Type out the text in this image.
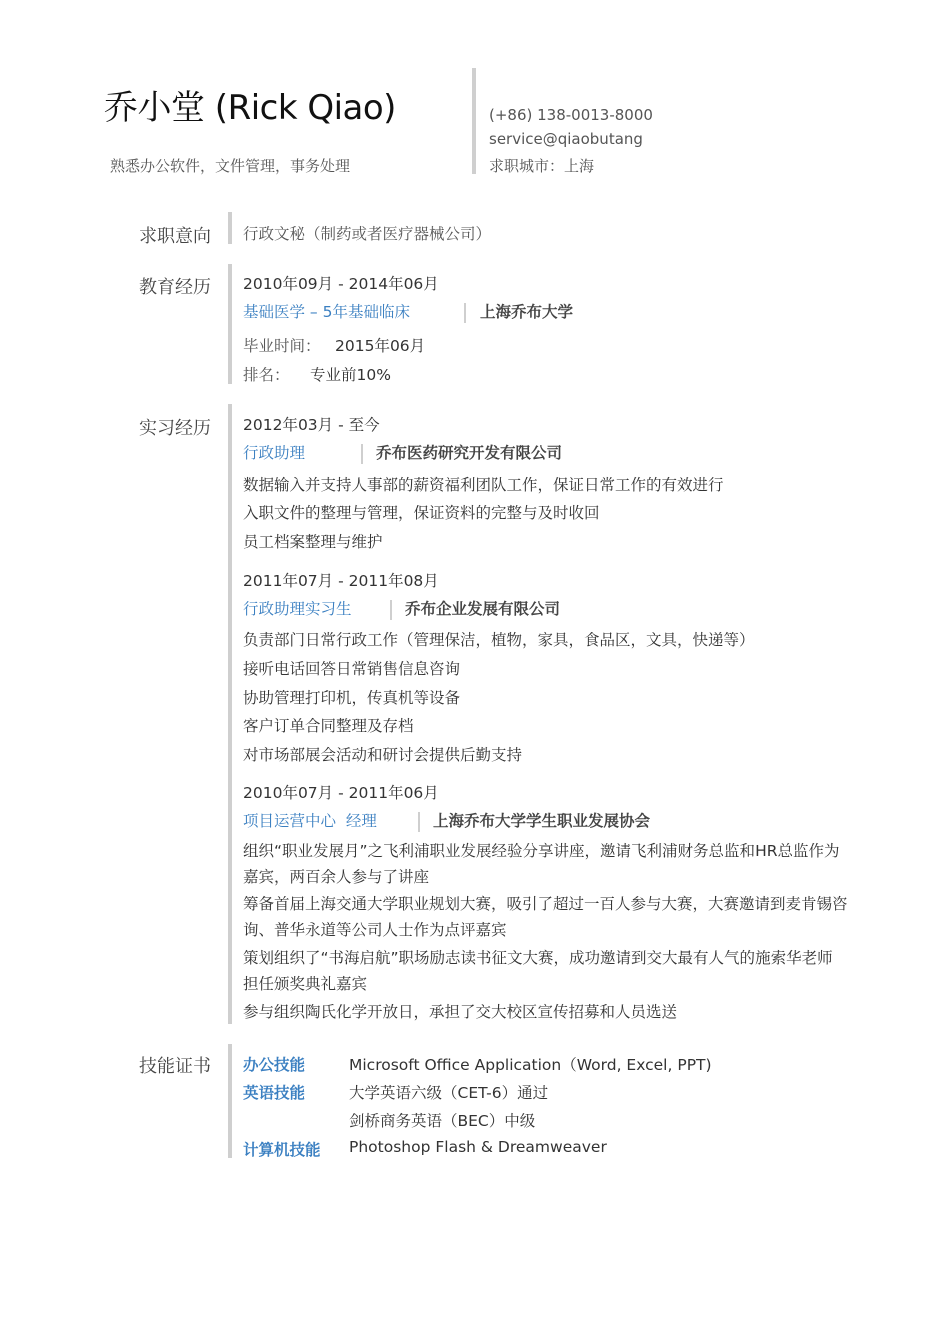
乔小堂 (Rick Qiao)
熟悉办公软件，文件管理，事务处理
(+86) 138-0013-8000
service@qiaobutang
求职城市：上海
求职意向 行政文秘（制药或者医疗器械公司）
教育经历 2010年09月 - 2014年06月
基础医学 – 5年基础临床	上海乔布大学
毕业时间： 2015年06月
排名： 专业前10%
实习经历 2012年03月 - 至今
行政助理	乔布医药研究开发有限公司
数据输入并支持人事部的薪资福利团队工作，保证日常工作的有效进行
入职文件的整理与管理，保证资料的完整与及时收回
员工档案整理与维护
2011年07月 - 2011年08月
行政助理实习生	乔布企业发展有限公司
负责部门日常行政工作（管理保洁，植物，家具，食品区，文具，快递等）
接听电话回答日常销售信息咨询
协助管理打印机，传真机等设备
客户订单合同整理及存档
对市场部展会活动和研讨会提供后勤支持
2010年07月 - 2011年06月
项目运营中心  经理	上海乔布大学学生职业发展协会
组织“职业发展月”之飞利浦职业发展经验分享讲座，邀请飞利浦财务总监和HR总监作为嘉宾，两百余人参与了讲座
筹备首届上海交通大学职业规划大赛，吸引了超过一百人参与大赛，大赛邀请到麦肯锡咨询、普华永道等公司人士作为点评嘉宾
策划组织了“书海启航”职场励志读书征文大赛，成功邀请到交大最有人气的施索华老师担任颁奖典礼嘉宾
参与组织陶氏化学开放日，承担了交大校区宣传招募和人员选送
技能证书 办公技能	Microsoft Office Application（Word, Excel, PPT)
英语技能	大学英语六级（CET-6）通过
剑桥商务英语（BEC）中级
计算机技能 Photoshop Flash & Dreamweaver
